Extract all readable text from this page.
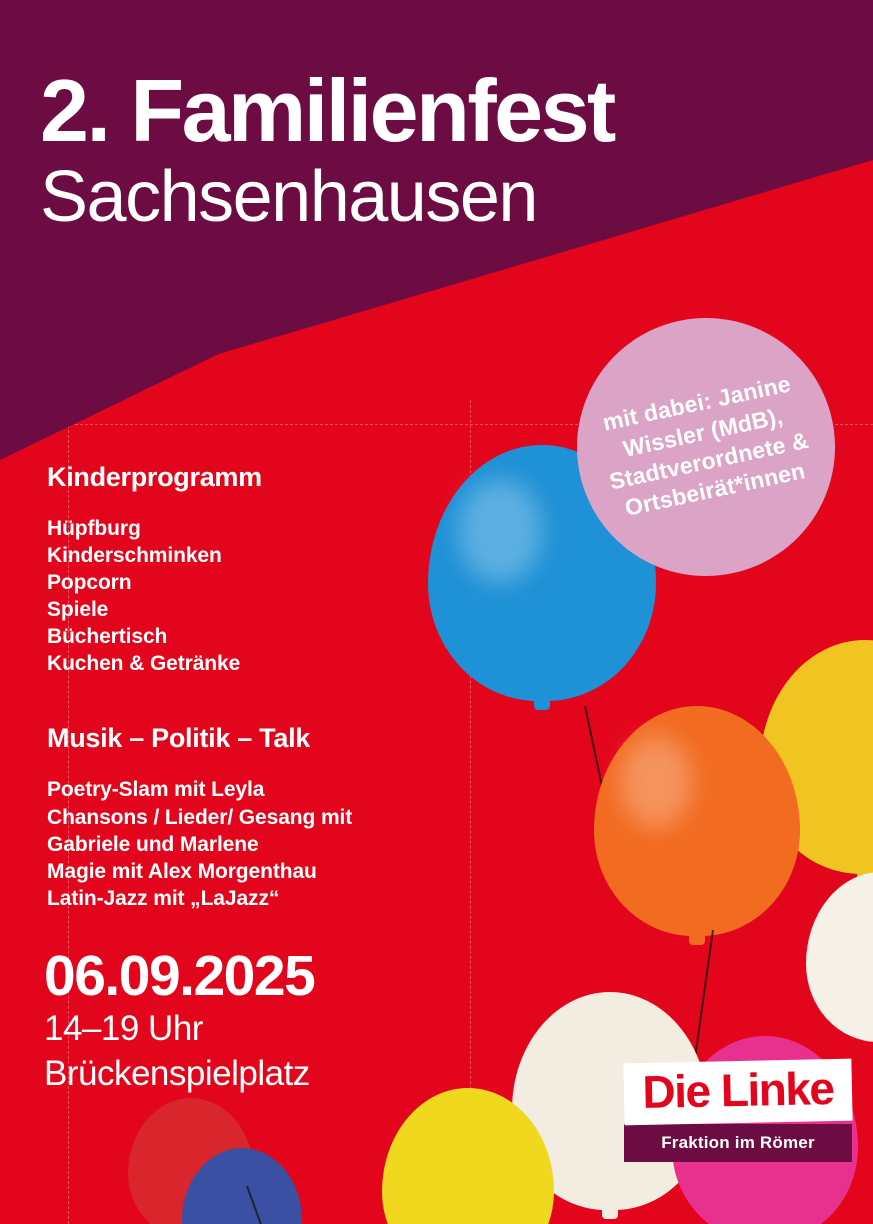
2. Familienfest
Sachsenhausen
mit dabei: Janine Wissler (MdB), Stadtverordnete & Ortsbeirät*innen
Kinderprogramm
Hüpfburg
Kinderschminken
Popcorn
Spiele
Büchertisch
Kuchen & Getränke
Musik – Politik – Talk
Poetry-Slam mit Leyla
Chansons / Lieder/ Gesang mit
Gabriele und Marlene
Magie mit Alex Morgenthau
Latin-Jazz mit „LaJazz“
06.09.2025
14–19 Uhr
Brückenspielplatz	Die Linke
Fraktion im Römer
